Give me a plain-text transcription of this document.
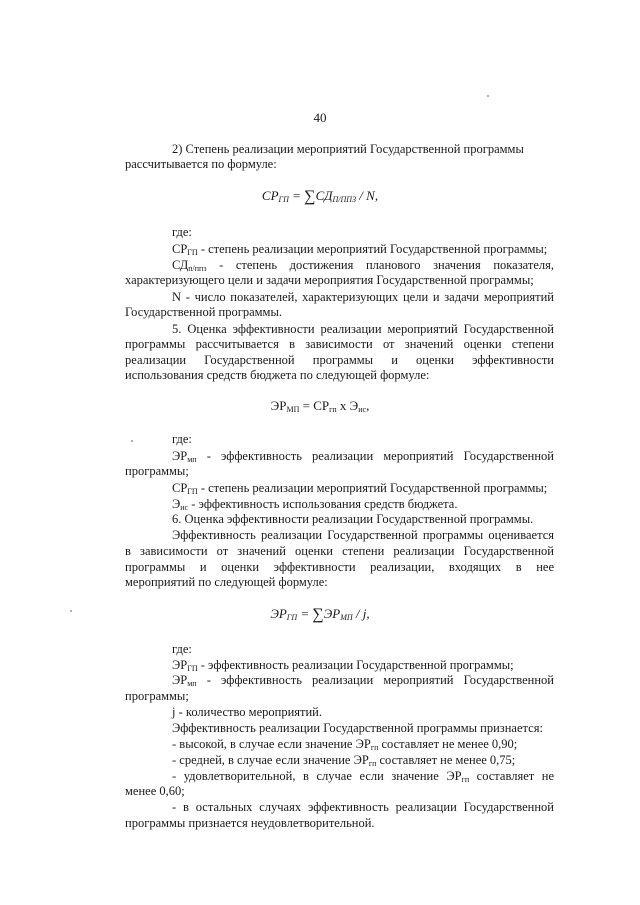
40
2) Степень реализации мероприятий Государственной программы
рассчитывается по формуле:
$СР_{ГП} = \sum СД_{П/ППЗ} / N$,
где:
$СР_{ГП}$ - степень реализации мероприятий Государственной программы;
$СД_{п/ппз}$ - степень достижения планового значения показателя,
характеризующего цели и задачи мероприятия Государственной программы;
N - число показателей, характеризующих цели и задачи мероприятий
Государственной программы.
5. Оценка эффективности реализации мероприятий Государственной
программы рассчитывается в зависимости от значений оценки степени
реализации Государственной программы и оценки эффективности
использования средств бюджета по следующей формуле:
$ЭР_{МП} = СР_{гп}$ x $Э_{ис}$,
где:
$ЭР_{мп}$ - эффективность реализации мероприятий Государственной
программы;
$СР_{ГП}$ - степень реализации мероприятий Государственной программы;
$Э_{ис}$ - эффективность использования средств бюджета.
6. Оценка эффективности реализации Государственной программы.
Эффективность реализации Государственной программы оценивается
в зависимости от значений оценки степени реализации Государственной
программы и оценки эффективности реализации, входящих в нее
мероприятий по следующей формуле:
$ЭР_{ГП} = \sum ЭР_{МП} / j$,
где:
$ЭР_{ГП}$ - эффективность реализации Государственной программы;
$ЭР_{мп}$ - эффективность реализации мероприятий Государственной
программы;
j - количество мероприятий.
Эффективность реализации Государственной программы признается:
- высокой, в случае если значение $ЭР_{гп}$ составляет не менее 0,90;
- средней, в случае если значение $ЭР_{гп}$ составляет не менее 0,75;
- удовлетворительной, в случае если значение $ЭР_{гп}$ составляет не
менее 0,60;
- в остальных случаях эффективность реализации Государственной
программы признается неудовлетворительной.
